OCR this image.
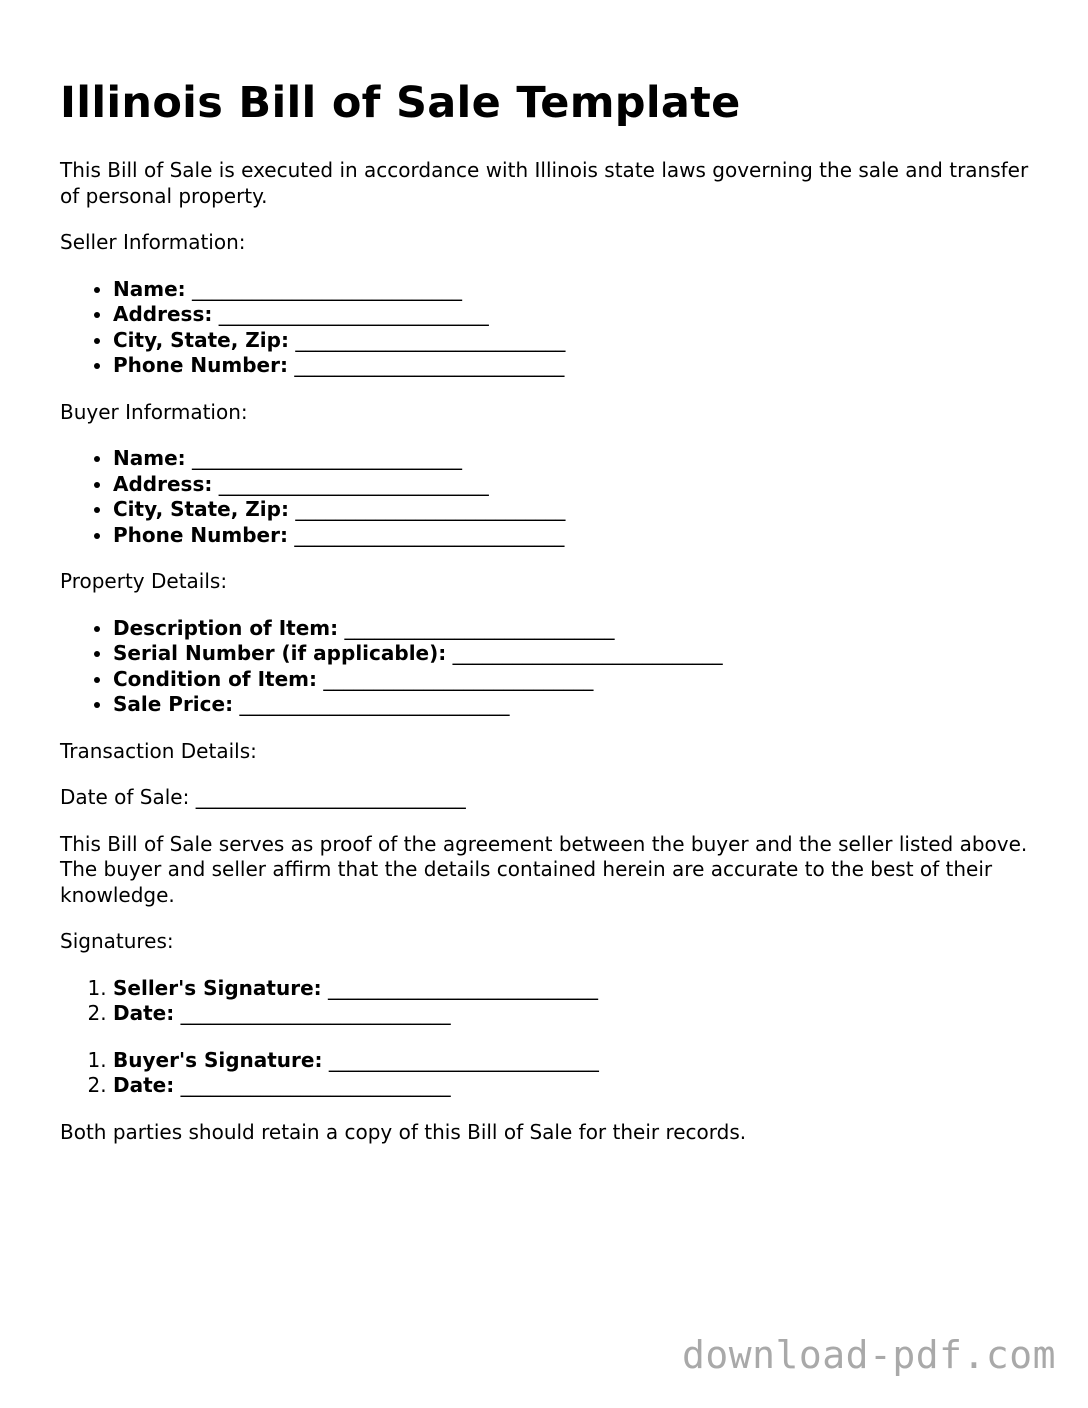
Illinois Bill of Sale Template

This Bill of Sale is executed in accordance with Illinois state laws governing the sale and transfer of personal property.

Seller Information:

• Name: ___________________________
• Address: ___________________________
• City, State, Zip: ___________________________
• Phone Number: ___________________________

Buyer Information:

• Name: ___________________________
• Address: ___________________________
• City, State, Zip: ___________________________
• Phone Number: ___________________________

Property Details:

• Description of Item: ___________________________
• Serial Number (if applicable): ___________________________
• Condition of Item: ___________________________
• Sale Price: ___________________________

Transaction Details:

Date of Sale: ___________________________

This Bill of Sale serves as proof of the agreement between the buyer and the seller listed above. The buyer and seller affirm that the details contained herein are accurate to the best of their knowledge.

Signatures:

1. Seller's Signature: ___________________________
2. Date: ___________________________
1. Buyer's Signature: ___________________________
2. Date: ___________________________

Both parties should retain a copy of this Bill of Sale for their records.

download-pdf.com
